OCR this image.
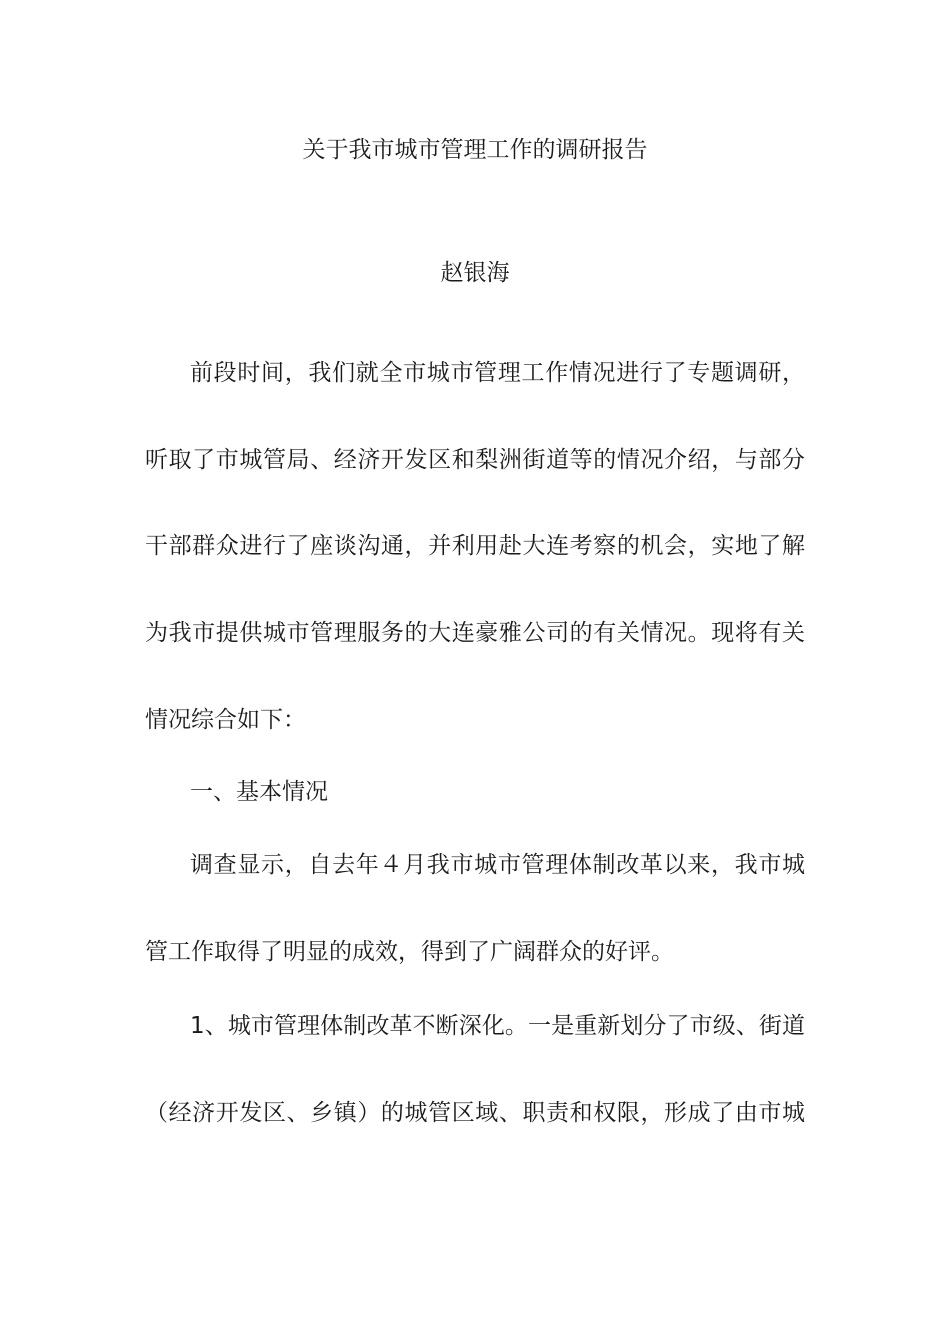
关于我市城市管理工作的调研报告
赵银海
前段时间，我们就全市城市管理工作情况进行了专题调研，
听取了市城管局、经济开发区和梨洲街道等的情况介绍，与部分
干部群众进行了座谈沟通，并利用赴大连考察的机会，实地了解
为我市提供城市管理服务的大连豪雅公司的有关情况。现将有关
情况综合如下：
一、基本情况
调查显示，自去年４月我市城市管理体制改革以来，我市城
管工作取得了明显的成效，得到了广阔群众的好评。
1、城市管理体制改革不断深化。一是重新划分了市级、街道
（经济开发区、乡镇）的城管区域、职责和权限，形成了由市城
